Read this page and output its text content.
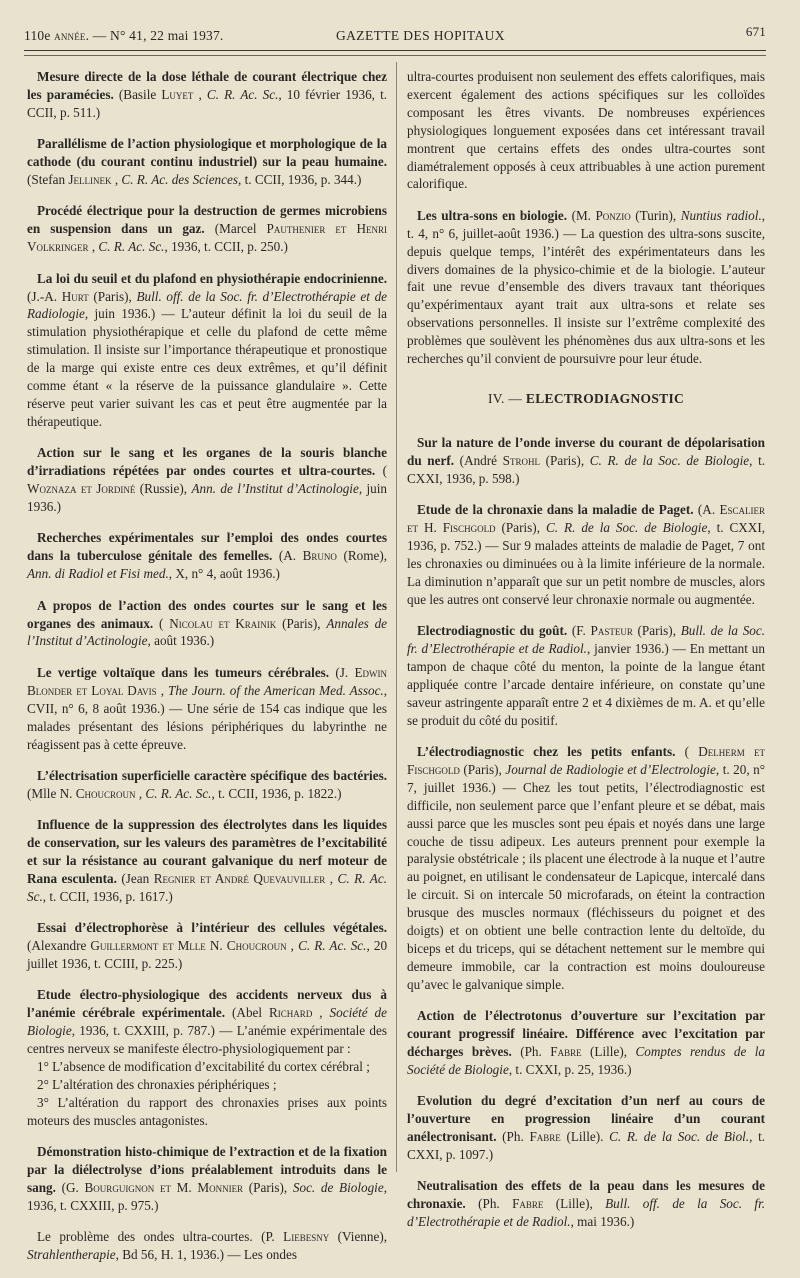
110e année. — N° 41, 22 mai 1937.	GAZETTE DES HOPITAUX	671

Mesure directe de la dose léthale de courant électrique chez les paramécies. (Basile Luyet , C. R. Ac. Sc., 10 février 1936, t. CCII, p. 511.)

Parallélisme de l’action physiologique et morphologique de la cathode (du courant continu industriel) sur la peau humaine. (Stefan Jellinek , C. R. Ac. des Sciences, t. CCII, 1936, p. 344.)

Procédé électrique pour la destruction de germes microbiens en suspension dans un gaz. (Marcel Pauthenier et Henri Volkringer , C. R. Ac. Sc., 1936, t. CCII, p. 250.)

La loi du seuil et du plafond en physiothérapie endocrinienne. (J.-A. Hurt (Paris), Bull. off. de la Soc. fr. d’Electrothérapie et de Radiologie, juin 1936.) — L’auteur définit la loi du seuil de la stimulation physiothérapique et celle du plafond de cette même stimulation. Il insiste sur l’importance thérapeutique et pronostique de la marge qui existe entre ces deux extrêmes, et qu’il définit comme étant « la réserve de la puissance glandulaire ». Cette réserve peut varier suivant les cas et peut être augmentée par la thérapeutique.

Action sur le sang et les organes de la souris blanche d’irradiations répétées par ondes courtes et ultra-courtes. ( Woznaza et Jordiné (Russie), Ann. de l’Institut d’Actinologie, juin 1936.)

Recherches expérimentales sur l’emploi des ondes courtes dans la tuberculose génitale des femelles. (A. Bruno (Rome), Ann. di Radiol et Fisi med., X, n° 4, août 1936.)

A propos de l’action des ondes courtes sur le sang et les organes des animaux. ( Nicolau et Krainik (Paris), Annales de l’Institut d’Actinologie, août 1936.)

Le vertige voltaïque dans les tumeurs cérébrales. (J. Edwin Blonder et Loyal Davis , The Journ. of the American Med. Assoc., CVII, n° 6, 8 août 1936.) — Une série de 154 cas indique que les malades présentant des lésions périphériques du labyrinthe ne réagissent pas à cette épreuve.

L’électrisation superficielle caractère spécifique des bactéries. (Mlle N. Choucroun , C. R. Ac. Sc., t. CCII, 1936, p. 1822.)

Influence de la suppression des électrolytes dans les liquides de conservation, sur les valeurs des paramètres de l’excitabilité et sur la résistance au courant galvanique du nerf moteur de Rana esculenta. (Jean Regnier et André Quevauviller , C. R. Ac. Sc., t. CCII, 1936, p. 1617.)

Essai d’électrophorèse à l’intérieur des cellules végétales. (Alexandre Guillermont et Mlle N. Choucroun , C. R. Ac. Sc., 20 juillet 1936, t. CCIII, p. 225.)

Etude électro-physiologique des accidents nerveux dus à l’anémie cérébrale expérimentale. (Abel Richard , Société de Biologie, 1936, t. CXXIII, p. 787.) — L’anémie expérimentale des centres nerveux se manifeste électro-physiologiquement par :

1° L’absence de modification d’excitabilité du cortex cérébral ;

2° L’altération des chronaxies périphériques ;

3° L’altération du rapport des chronaxies prises aux points moteurs des muscles antagonistes.

Démonstration histo-chimique de l’extraction et de la fixation par la diélectrolyse d’ions préalablement introduits dans le sang. (G. Bourguignon et M. Monnier (Paris), Soc. de Biologie, 1936, t. CXXIII, p. 975.)

Le problème des ondes ultra-courtes. (P. Liebesny (Vienne), Strahlentherapie, Bd 56, H. 1, 1936.) — Les ondes

ultra-courtes produisent non seulement des effets calorifiques, mais exercent également des actions spécifiques sur les colloïdes composant les êtres vivants. De nombreuses expériences physiologiques longuement exposées dans cet intéressant travail montrent que certains effets des ondes ultra-courtes sont diamétralement opposés à ceux attribuables à une action purement calorifique.

Les ultra-sons en biologie. (M. Ponzio (Turin), Nuntius radiol., t. 4, n° 6, juillet-août 1936.) — La question des ultra-sons suscite, depuis quelque temps, l’intérêt des expérimentateurs dans les divers domaines de la physico-chimie et de la biologie. L’auteur fait une revue d’ensemble des divers travaux tant théoriques qu’expérimentaux ayant trait aux ultra-sons et relate ses observations personnelles. Il insiste sur l’extrême complexité des problèmes que soulèvent les phénomènes dus aux ultra-sons et les recherches qu’il convient de poursuivre pour leur étude.

IV. — ELECTRODIAGNOSTIC

Sur la nature de l’onde inverse du courant de dépolarisation du nerf. (André Strohl (Paris), C. R. de la Soc. de Biologie, t. CXXI, 1936, p. 598.)

Etude de la chronaxie dans la maladie de Paget. (A. Escalier et H. Fischgold (Paris), C. R. de la Soc. de Biologie, t. CXXI, 1936, p. 752.) — Sur 9 malades atteints de maladie de Paget, 7 ont les chronaxies ou diminuées ou à la limite inférieure de la normale. La diminution n’apparaît que sur un petit nombre de muscles, alors que les autres ont conservé leur chronaxie normale ou augmentée.

Electrodiagnostic du goût. (F. Pasteur (Paris), Bull. de la Soc. fr. d’Electrothérapie et de Radiol., janvier 1936.) — En mettant un tampon de chaque côté du menton, la pointe de la langue étant appliquée contre l’arcade dentaire inférieure, on constate qu’une saveur astringente apparaît entre 2 et 4 dixièmes de m. A. et qu’elle se produit du côté du positif.

L’électrodiagnostic chez les petits enfants. ( Delherm et Fischgold (Paris), Journal de Radiologie et d’Electrologie, t. 20, n° 7, juillet 1936.) — Chez les tout petits, l’électrodiagnostic est difficile, non seulement parce que l’enfant pleure et se débat, mais aussi parce que les muscles sont peu épais et noyés dans une large couche de tissu adipeux. Les auteurs prennent pour exemple la paralysie obstétricale ; ils placent une électrode à la nuque et l’autre au poignet, en utilisant le condensateur de Lapicque, intercalé dans le circuit. Si on intercale 50 microfarads, on éteint la contraction brusque des muscles normaux (fléchisseurs du poignet et des doigts) et on obtient une belle contraction lente du deltoïde, du biceps et du triceps, qui se détachent nettement sur le membre qui demeure immobile, car la contraction est moins douloureuse qu’avec le galvanique simple.

Action de l’électrotonus d’ouverture sur l’excitation par courant progressif linéaire. Différence avec l’excitation par décharges brèves. (Ph. Fabre (Lille), Comptes rendus de la Société de Biologie, t. CXXI, p. 25, 1936.)

Evolution du degré d’excitation d’un nerf au cours de l’ouverture en progression linéaire d’un courant anélectronisant. (Ph. Fabre (Lille). C. R. de la Soc. de Biol., t. CXXI, p. 1097.)

Neutralisation des effets de la peau dans les mesures de chronaxie. (Ph. Fabre (Lille), Bull. off. de la Soc. fr. d’Electrothérapie et de Radiol., mai 1936.)
